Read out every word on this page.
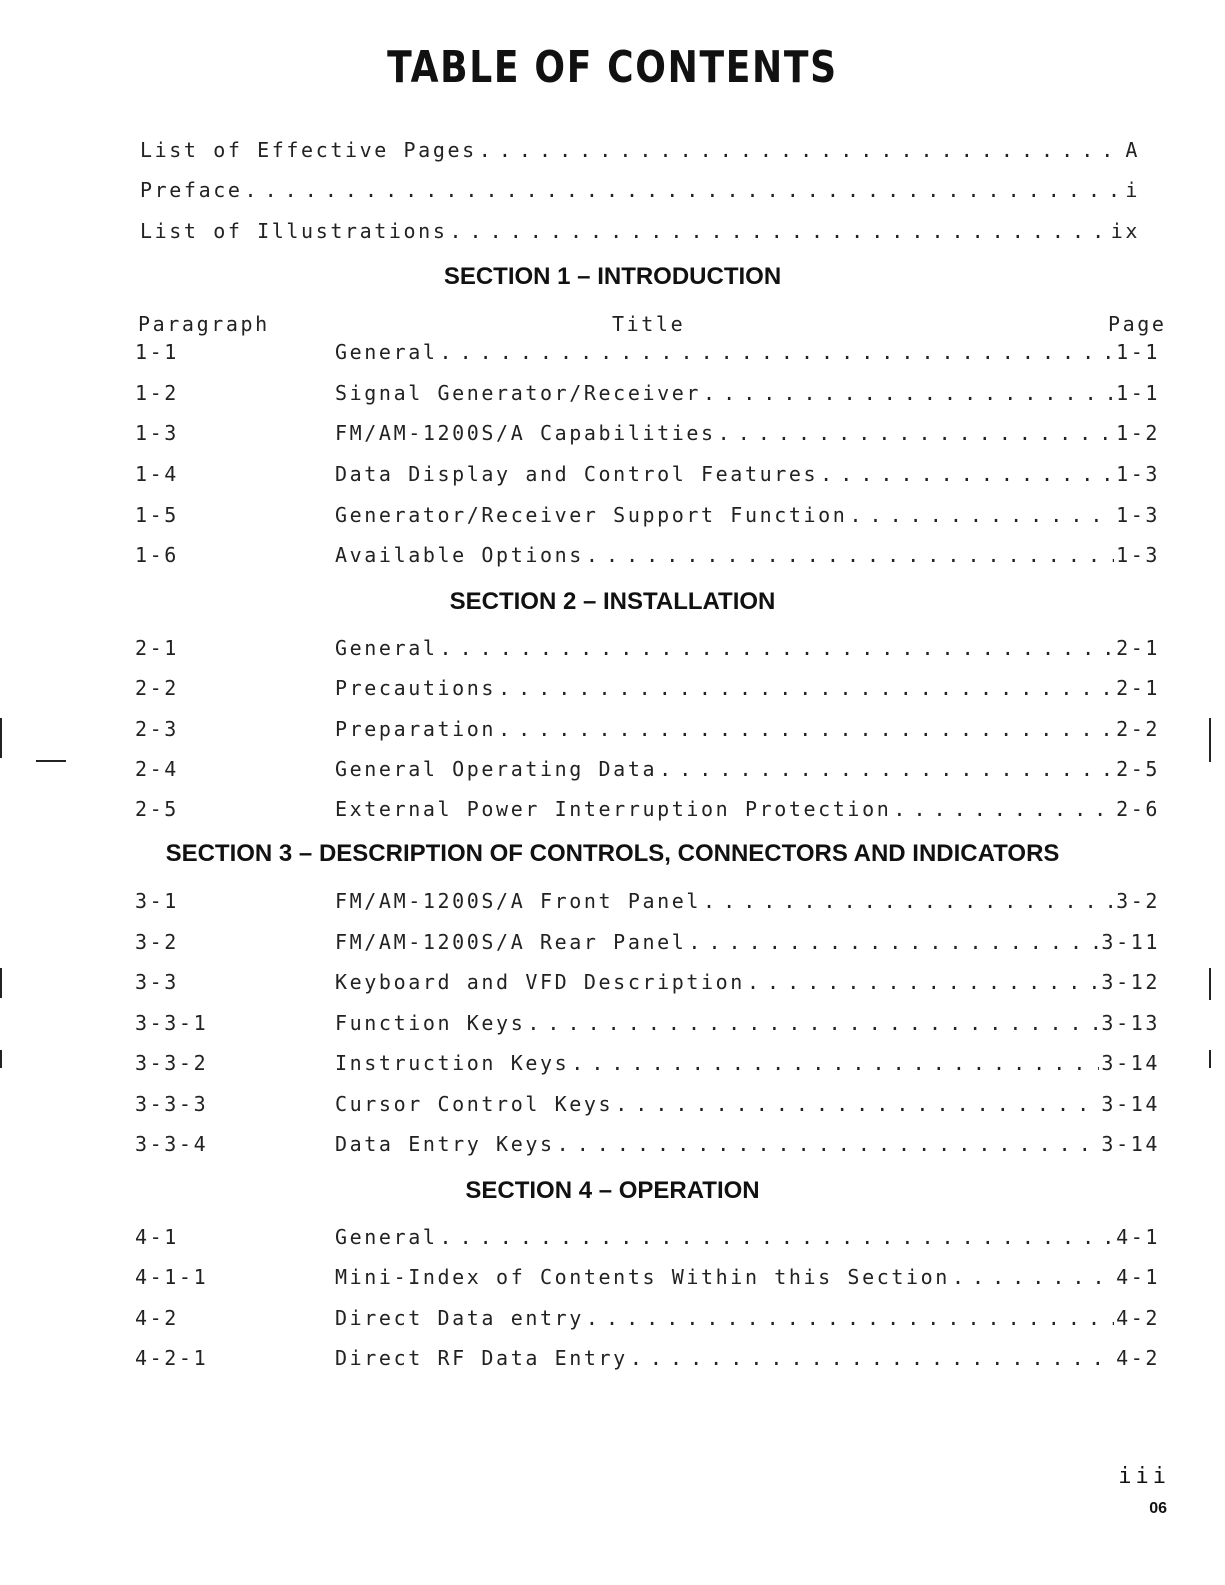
TABLE OF CONTENTS
List of Effective Pages . . .	A
Preface . . .	i
List of Illustrations . . .	ix
SECTION 1 – INTRODUCTION
Paragraph	Title	Page
1-1	General . . .	1-1
1-2	Signal Generator/Receiver . . .	1-1
1-3	FM/AM-1200S/A Capabilities . . .	1-2
1-4	Data Display and Control Features . . .	1-3
1-5	Generator/Receiver Support Function . . .	1-3
1-6	Available Options . . .	1-3
SECTION 2 – INSTALLATION
2-1	General . . .	2-1
2-2	Precautions . . .	2-1
2-3	Preparation . . .	2-2
2-4	General Operating Data . . .	2-5
2-5	External Power Interruption Protection . . .	2-6
SECTION 3 – DESCRIPTION OF CONTROLS, CONNECTORS AND INDICATORS
3-1	FM/AM-1200S/A Front Panel . . .	3-2
3-2	FM/AM-1200S/A Rear Panel . . .	3-11
3-3	Keyboard and VFD Description . . .	3-12
3-3-1	Function Keys . . .	3-13
3-3-2	Instruction Keys . . .	3-14
3-3-3	Cursor Control Keys . . .	3-14
3-3-4	Data Entry Keys . . .	3-14
SECTION 4 – OPERATION
4-1	General . . .	4-1
4-1-1	Mini-Index of Contents Within this Section . . .	4-1
4-2	Direct Data entry . . .	4-2
4-2-1	Direct RF Data Entry . . .	4-2
iii
06
